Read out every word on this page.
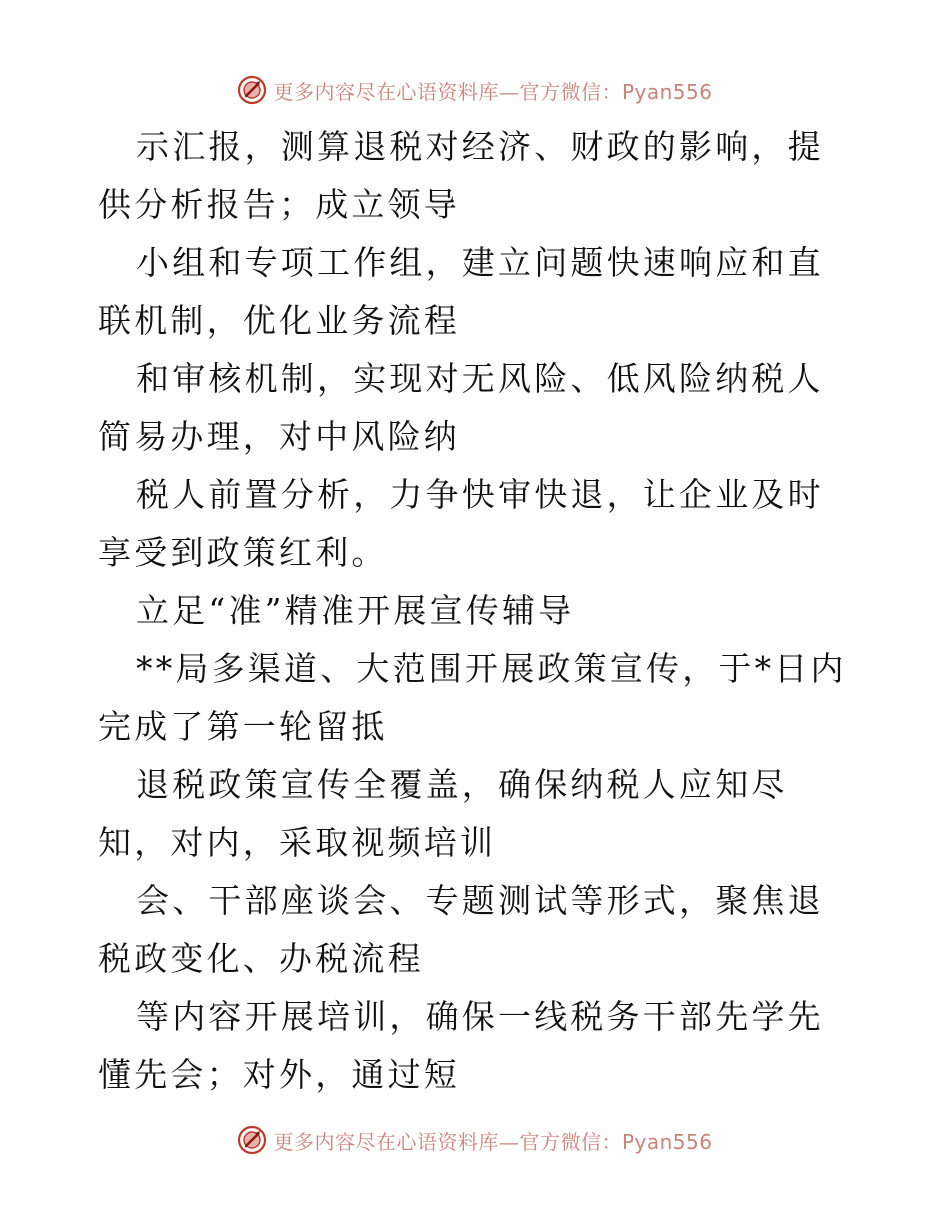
更多内容尽在心语资料库—官方微信：Pyan556

示汇报，测算退税对经济、财政的影响，提供分析报告；成立领导

小组和专项工作组，建立问题快速响应和直联机制，优化业务流程

和审核机制，实现对无风险、低风险纳税人简易办理，对中风险纳

税人前置分析，力争快审快退，让企业及时享受到政策红利。

立足“准”精准开展宣传辅导

**局多渠道、大范围开展政策宣传，于*日内完成了第一轮留抵

退税政策宣传全覆盖，确保纳税人应知尽知，对内，采取视频培训

会、干部座谈会、专题测试等形式，聚焦退税政变化、办税流程

等内容开展培训，确保一线税务干部先学先懂先会；对外，通过短

更多内容尽在心语资料库—官方微信：Pyan556
